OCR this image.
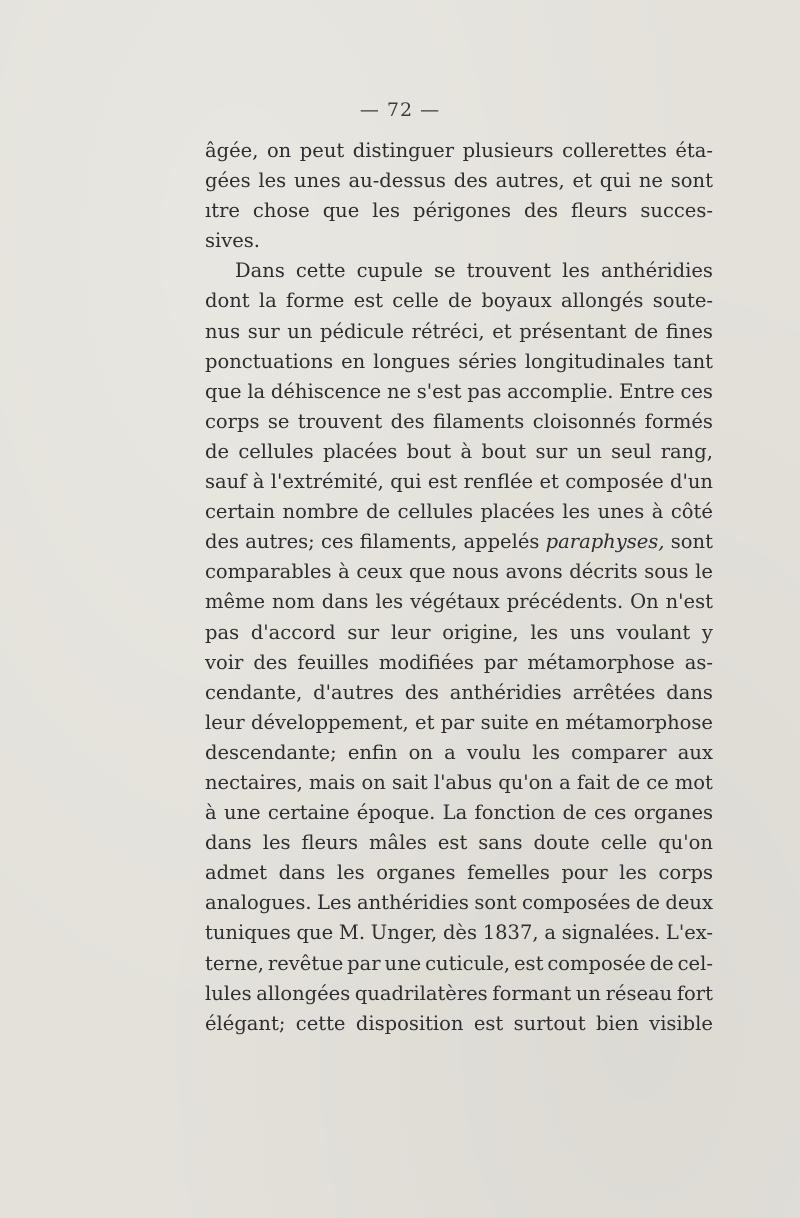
— 72 —
âgée, on peut distinguer plusieurs collerettes éta-
gées les unes au-dessus des autres, et qui ne sont
ıtre chose que les périgones des fleurs succes-
sives.
Dans cette cupule se trouvent les anthéridies
dont la forme est celle de boyaux allongés soute-
nus sur un pédicule rétréci, et présentant de fines
ponctuations en longues séries longitudinales tant
que la déhiscence ne s'est pas accomplie. Entre ces
corps se trouvent des filaments cloisonnés formés
de cellules placées bout à bout sur un seul rang,
sauf à l'extrémité, qui est renflée et composée d'un
certain nombre de cellules placées les unes à côté
des autres; ces filaments, appelés paraphyses, sont
comparables à ceux que nous avons décrits sous le
même nom dans les végétaux précédents. On n'est
pas d'accord sur leur origine, les uns voulant y
voir des feuilles modifiées par métamorphose as-
cendante, d'autres des anthéridies arrêtées dans
leur développement, et par suite en métamorphose
descendante; enfin on a voulu les comparer aux
nectaires, mais on sait l'abus qu'on a fait de ce mot
à une certaine époque. La fonction de ces organes
dans les fleurs mâles est sans doute celle qu'on
admet dans les organes femelles pour les corps
analogues. Les anthéridies sont composées de deux
tuniques que M. Unger, dès 1837, a signalées. L'ex-
terne, revêtue par une cuticule, est composée de cel-
lules allongées quadrilatères formant un réseau fort
élégant; cette disposition est surtout bien visible
